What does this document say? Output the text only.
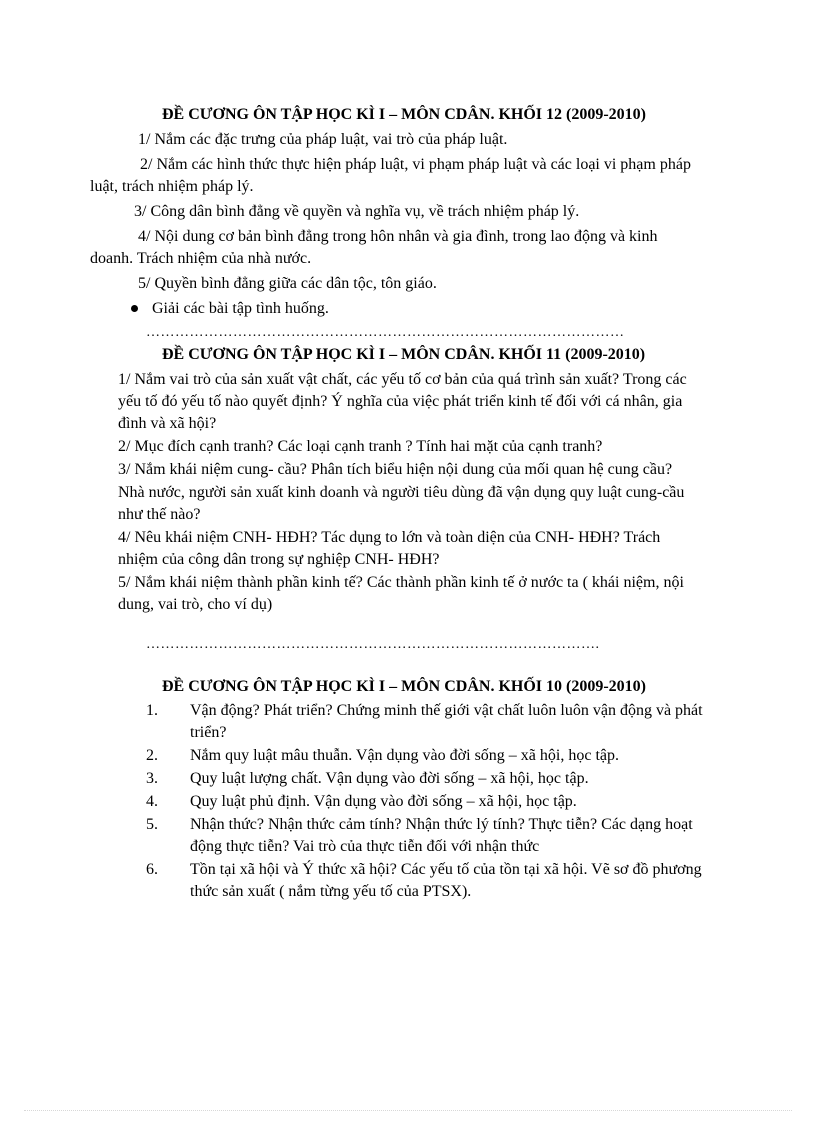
ĐỀ CƯƠNG ÔN TẬP HỌC KÌ I – MÔN CDÂN. KHỐI 12 (2009-2010)

1/ Nắm các đặc trưng của pháp luật, vai trò của pháp luật.

2/ Nắm các hình thức thực hiện pháp luật, vi phạm pháp luật và các loại vi phạm pháp luật, trách nhiệm pháp lý.

3/ Công dân bình đẳng về quyền và nghĩa vụ, về trách nhiệm pháp lý.

4/ Nội dung cơ bản bình đẳng trong hôn nhân và gia đình, trong lao động và kinh doanh. Trách nhiệm của nhà nước.

5/ Quyền bình đẳng giữa các dân tộc, tôn giáo.

Giải các bài tập tình huống.
………………………………………………………………………………………

ĐỀ CƯƠNG ÔN TẬP HỌC KÌ I – MÔN CDÂN. KHỐI 11 (2009-2010)

1/ Nắm vai trò của sản xuất vật chất, các yếu tố cơ bản của quá trình sản xuất? Trong các yếu tố đó yếu tố nào quyết định? Ý nghĩa của việc phát triển kinh tế đối với cá nhân, gia đình và xã hội?

2/ Mục đích cạnh tranh? Các loại cạnh tranh ? Tính hai mặt của cạnh tranh?

3/ Nắm khái niệm cung- cầu? Phân tích biểu hiện nội dung của mối quan hệ cung cầu?

Nhà nước, người sản xuất kinh doanh và người tiêu dùng đã vận dụng quy luật cung-cầu như thế nào?

4/ Nêu khái niệm CNH- HĐH? Tác dụng to lớn và toàn diện của CNH- HĐH? Trách nhiệm của công dân trong sự nghiệp CNH- HĐH?

5/ Nắm khái niệm thành phần kinh tế? Các thành phần kinh tế ở nước ta ( khái niệm, nội dung, vai trò, cho ví dụ)

………………………………………………………………………………….

ĐỀ CƯƠNG ÔN TẬP HỌC KÌ I – MÔN CDÂN. KHỐI 10 (2009-2010)

1. Vận động? Phát triển? Chứng minh thế giới vật chất luôn luôn vận động và phát triển?
2. Nắm quy luật mâu thuẫn. Vận dụng vào đời sống – xã hội, học tập.
3. Quy luật lượng chất. Vận dụng vào đời sống – xã hội, học tập.
4. Quy luật phủ định. Vận dụng vào đời sống – xã hội, học tập.
5. Nhận thức? Nhận thức cảm tính? Nhận thức lý tính? Thực tiễn? Các dạng hoạt động thực tiễn? Vai trò của thực tiễn đối với nhận thức
6. Tồn tại xã hội và Ý thức xã hội? Các yếu tố của tồn tại xã hội. Vẽ sơ đồ phương thức sản xuất ( nắm từng yếu tố của PTSX).
